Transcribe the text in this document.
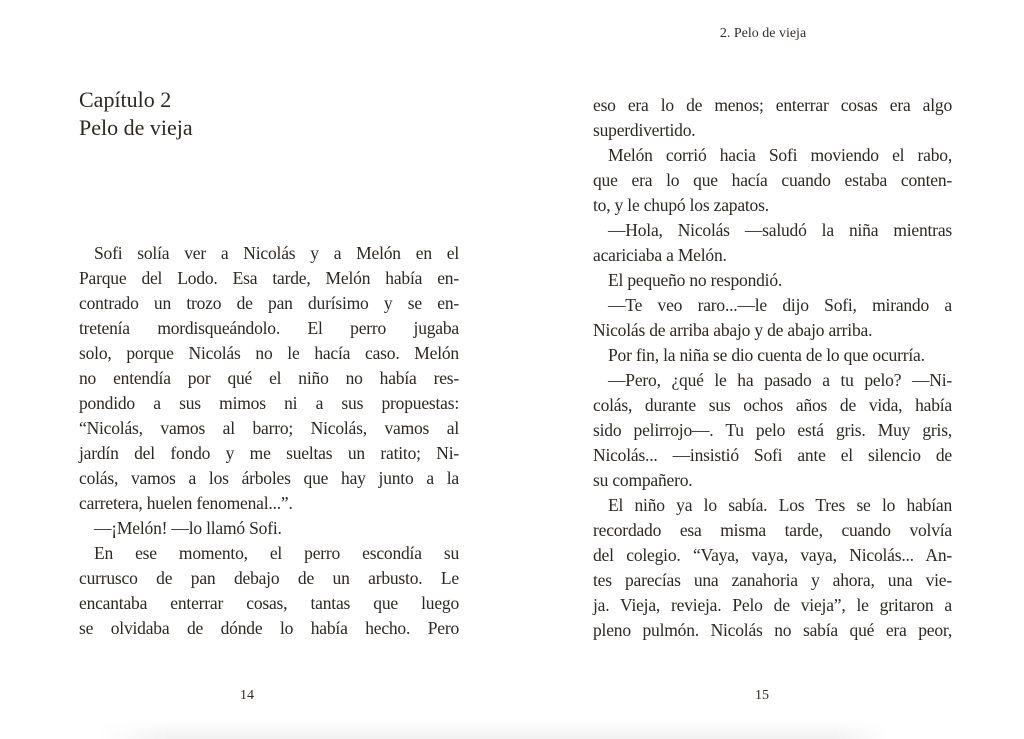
2. Pelo de vieja
Capítulo 2
Pelo de vieja
Sofi solía ver a Nicolás y a Melón en el
Parque del Lodo. Esa tarde, Melón había en-
contrado un trozo de pan durísimo y se en-
tretenía mordisqueándolo. El perro jugaba
solo, porque Nicolás no le hacía caso. Melón
no entendía por qué el niño no había res-
pondido a sus mimos ni a sus propuestas:
“Nicolás, vamos al barro; Nicolás, vamos al
jardín del fondo y me sueltas un ratito; Ni-
colás, vamos a los árboles que hay junto a la
carretera, huelen fenomenal...”.
—¡Melón! —lo llamó Sofi.
En ese momento, el perro escondía su
currusco de pan debajo de un arbusto. Le
encantaba enterrar cosas, tantas que luego
se olvidaba de dónde lo había hecho. Pero
eso era lo de menos; enterrar cosas era algo
superdivertido.
Melón corrió hacia Sofi moviendo el rabo,
que era lo que hacía cuando estaba conten-
to, y le chupó los zapatos.
—Hola, Nicolás —saludó la niña mientras
acariciaba a Melón.
El pequeño no respondió.
—Te veo raro...—le dijo Sofi, mirando a
Nicolás de arriba abajo y de abajo arriba.
Por fin, la niña se dio cuenta de lo que ocurría.
—Pero, ¿qué le ha pasado a tu pelo? —Ni-
colás, durante sus ochos años de vida, había
sido pelirrojo—. Tu pelo está gris. Muy gris,
Nicolás... —insistió Sofi ante el silencio de
su compañero.
El niño ya lo sabía. Los Tres se lo habían
recordado esa misma tarde, cuando volvía
del colegio. “Vaya, vaya, vaya, Nicolás... An-
tes parecías una zanahoria y ahora, una vie-
ja. Vieja, revieja. Pelo de vieja”, le gritaron a
pleno pulmón. Nicolás no sabía qué era peor,
14	15
